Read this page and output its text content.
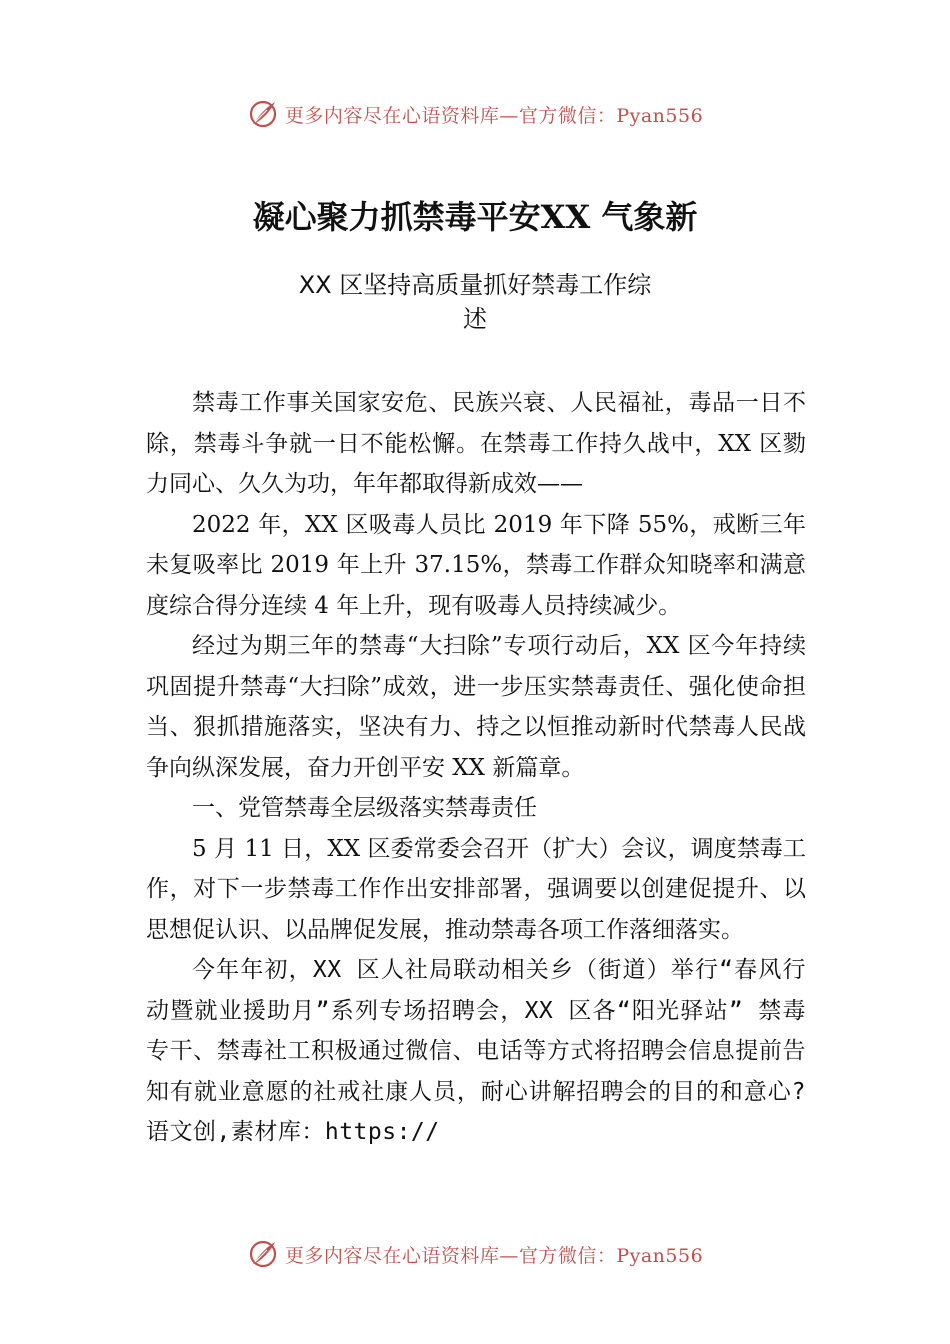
更多内容尽在心语资料库—官方微信：Pyan556
凝心聚力抓禁毒平安XX 气象新
XX 区坚持高质量抓好禁毒工作综
述

禁毒工作事关国家安危、民族兴衰、人民福祉，毒品一日不除，禁毒斗争就一日不能松懈。在禁毒工作持久战中，XX 区勠力同心、久久为功，年年都取得新成效——

2022 年，XX 区吸毒人员比 2019 年下降 55%，戒断三年未复吸率比 2019 年上升 37.15%，禁毒工作群众知晓率和满意度综合得分连续 4 年上升，现有吸毒人员持续减少。

经过为期三年的禁毒“大扫除”专项行动后，XX 区今年持续巩固提升禁毒“大扫除”成效，进一步压实禁毒责任、强化使命担当、狠抓措施落实，坚决有力、持之以恒推动新时代禁毒人民战争向纵深发展，奋力开创平安 XX 新篇章。

一、党管禁毒全层级落实禁毒责任

5 月 11 日，XX 区委常委会召开（扩大）会议，调度禁毒工作，对下一步禁毒工作作出安排部署，强调要以创建促提升、以思想促认识、以品牌促发展，推动禁毒各项工作落细落实。

今年年初，XX 区人社局联动相关乡（街道）举行“春风行动暨就业援助月”系列专场招聘会，XX 区各“阳光驿站” 禁毒专干、禁毒社工积极通过微信、电话等方式将招聘会信息提前告知有就业意愿的社戒社康人员，耐心讲解招聘会的目的和意心?语文创,素材库：https://

更多内容尽在心语资料库—官方微信：Pyan556
